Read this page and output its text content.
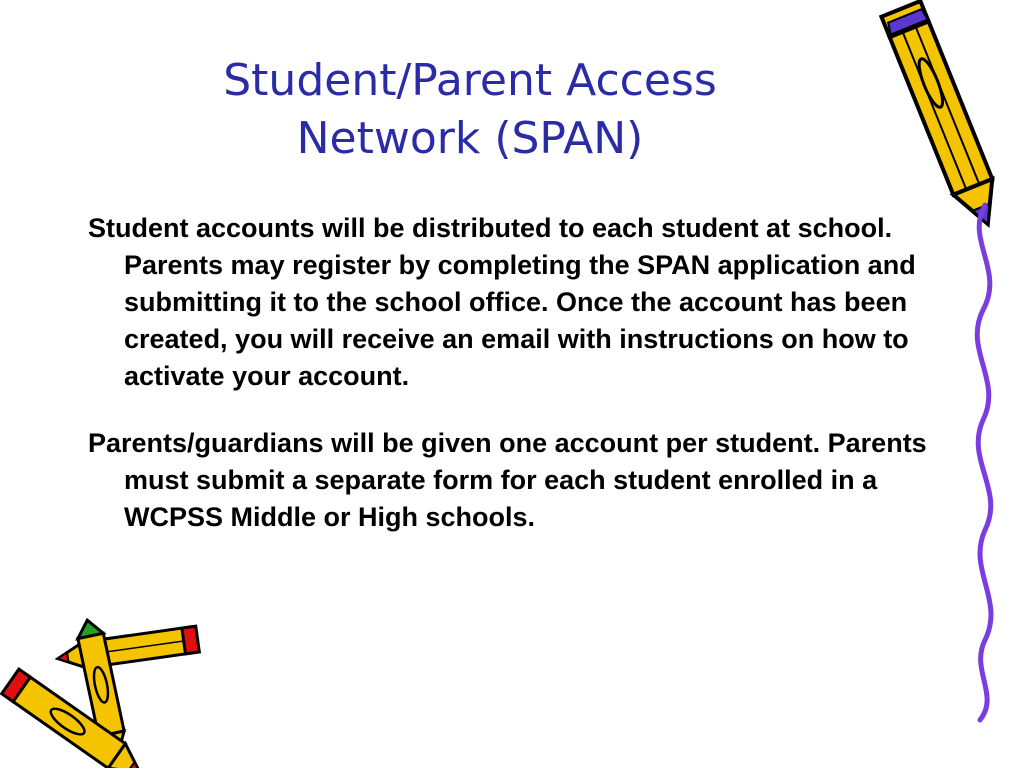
Student/Parent Access
Network (SPAN)

Student accounts will be distributed to each student at school. Parents may register by completing the SPAN application and submitting it to the school office. Once the account has been created, you will receive an email with instructions on how to activate your account.

Parents/guardians will be given one account per student. Parents must submit a separate form for each student enrolled in a WCPSS Middle or High schools.
